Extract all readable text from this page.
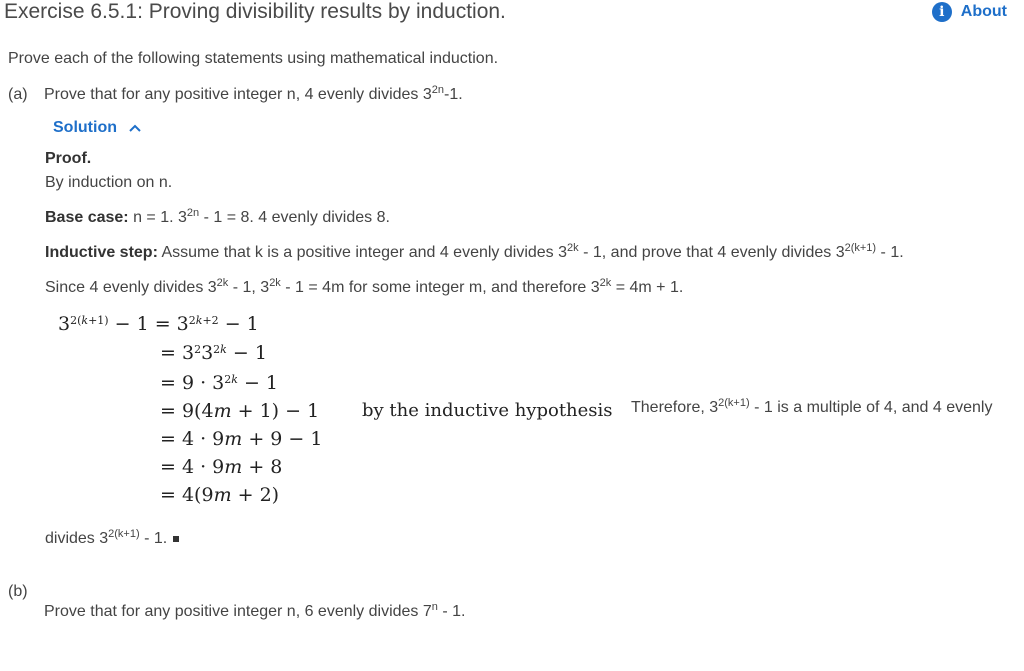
Exercise 6.5.1: Proving divisibility results by induction.	i	About
Prove each of the following statements using mathematical induction.
(a) Prove that for any positive integer n, 4 evenly divides $3^{2n}-1$.
Solution
Proof.
By induction on n.
Base case: n = 1. $3^{2n} - 1 = 8$. 4 evenly divides 8.
Inductive step: Assume that k is a positive integer and 4 evenly divides $3^{2k} - 1$, and prove that 4 evenly divides $3^{2(k+1)} - 1$.
Since 4 evenly divides $3^{2k} - 1$, $3^{2k} - 1 = 4m$ for some integer m, and therefore $3^{2k} = 4m + 1$.
$3^{2(k+1)} - 1 = 3^{2k+2} - 1$
= $3^23^{2k} - 1$
= $9 \cdot 3^{2k} - 1$
= 9(4m + 1) − 1
= 4 · 9m + 9 − 1
= 4 · 9m + 8
= 4(9m + 2)
by the inductive hypothesis Therefore, $3^{2(k+1)} - 1$ is a multiple of 4, and 4 evenly
divides $3^{2(k+1)} - 1$.
(b)
Prove that for any positive integer n, 6 evenly divides 7$^n$ - 1.
